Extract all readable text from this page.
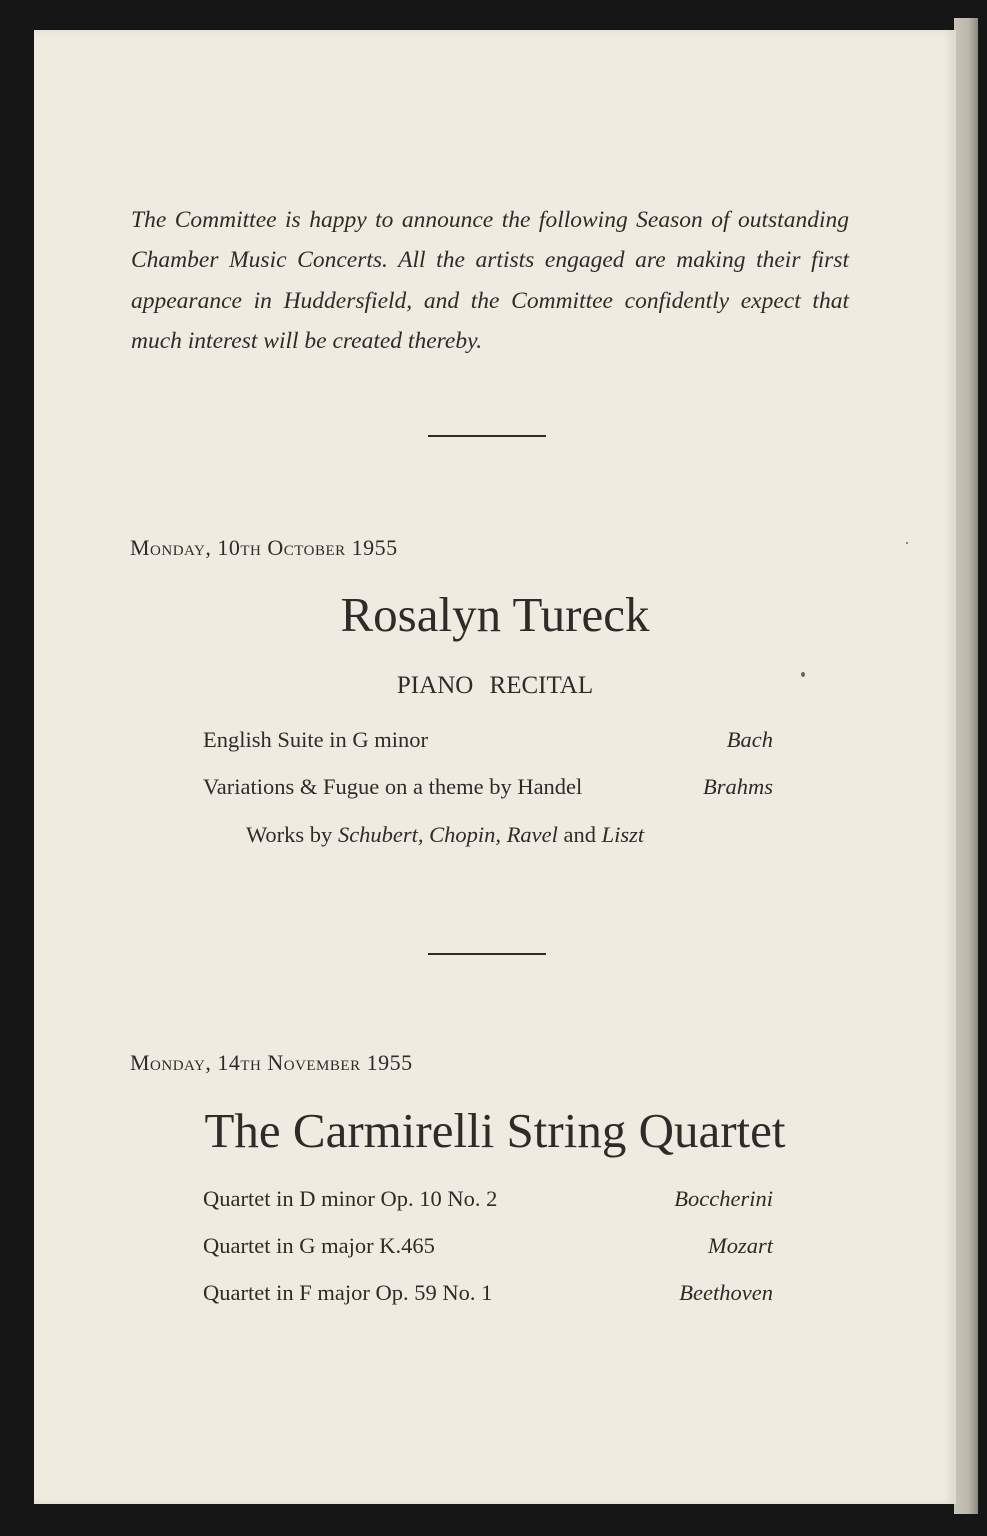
The Committee is happy to announce the following Season of outstanding Chamber Music Concerts. All the artists engaged are making their first appearance in Huddersfield, and the Committee confidently expect that much interest will be created thereby.

Monday, 10th October 1955
Rosalyn Tureck
PIANO RECITAL
English Suite in G minor	Bach
Variations & Fugue on a theme by Handel	Brahms
Works by Schubert, Chopin, Ravel and Liszt
Monday, 14th November 1955
The Carmirelli String Quartet
Quartet in D minor Op. 10 No. 2	Boccherini
Quartet in G major K.465	Mozart
Quartet in F major Op. 59 No. 1	Beethoven
